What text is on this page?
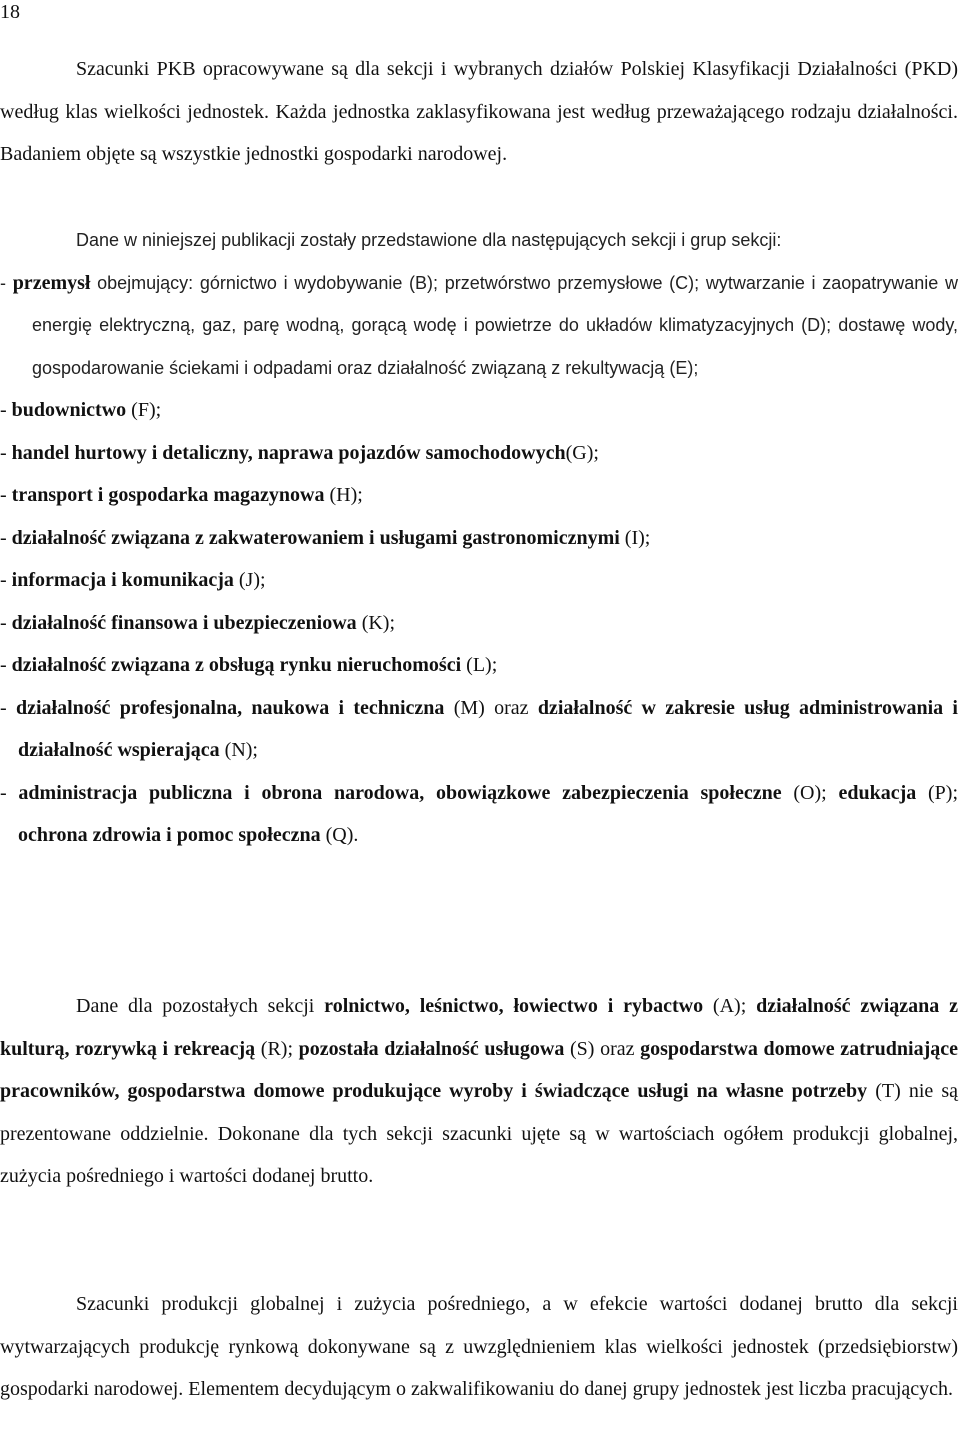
18

Szacunki PKB opracowywane są dla sekcji i wybranych działów Polskiej Klasyfikacji Działalności (PKD) według klas wielkości jednostek. Każda jednostka zaklasyfikowana jest według przeważającego rodzaju działalności. Badaniem objęte są wszystkie jednostki gospodarki narodowej.

Dane w niniejszej publikacji zostały przedstawione dla następujących sekcji i grup sekcji:

- przemysł obejmujący: górnictwo i wydobywanie (B); przetwórstwo przemysłowe (C); wytwarzanie i zaopatrywanie w energię elektryczną, gaz, parę wodną, gorącą wodę i powietrze do układów klimatyzacyjnych (D); dostawę wody, gospodarowanie ściekami i odpadami oraz działalność związaną z rekultywacją (E);

- budownictwo (F);

- handel hurtowy i detaliczny, naprawa pojazdów samochodowych(G);

- transport i gospodarka magazynowa (H);

- działalność związana z zakwaterowaniem i usługami gastronomicznymi (I);

- informacja i komunikacja (J);

- działalność finansowa i ubezpieczeniowa (K);

- działalność związana z obsługą rynku nieruchomości (L);

- działalność profesjonalna, naukowa i techniczna (M) oraz działalność w zakresie usług administrowania i działalność wspierająca (N);

- administracja publiczna i obrona narodowa, obowiązkowe zabezpieczenia społeczne (O); edukacja (P); ochrona zdrowia i pomoc społeczna (Q).

Dane dla pozostałych sekcji rolnictwo, leśnictwo, łowiectwo i rybactwo (A); działalność związana z kulturą, rozrywką i rekreacją (R); pozostała działalność usługowa (S) oraz gospodarstwa domowe zatrudniające pracowników, gospodarstwa domowe produkujące wyroby i świadczące usługi na własne potrzeby (T) nie są prezentowane oddzielnie. Dokonane dla tych sekcji szacunki ujęte są w wartościach ogółem produkcji globalnej, zużycia pośredniego i wartości dodanej brutto.

Szacunki produkcji globalnej i zużycia pośredniego, a w efekcie wartości dodanej brutto dla sekcji wytwarzających produkcję rynkową dokonywane są z uwzględnieniem klas wielkości jednostek (przedsiębiorstw) gospodarki narodowej. Elementem decydującym o zakwalifikowaniu do danej grupy jednostek jest liczba pracujących.
